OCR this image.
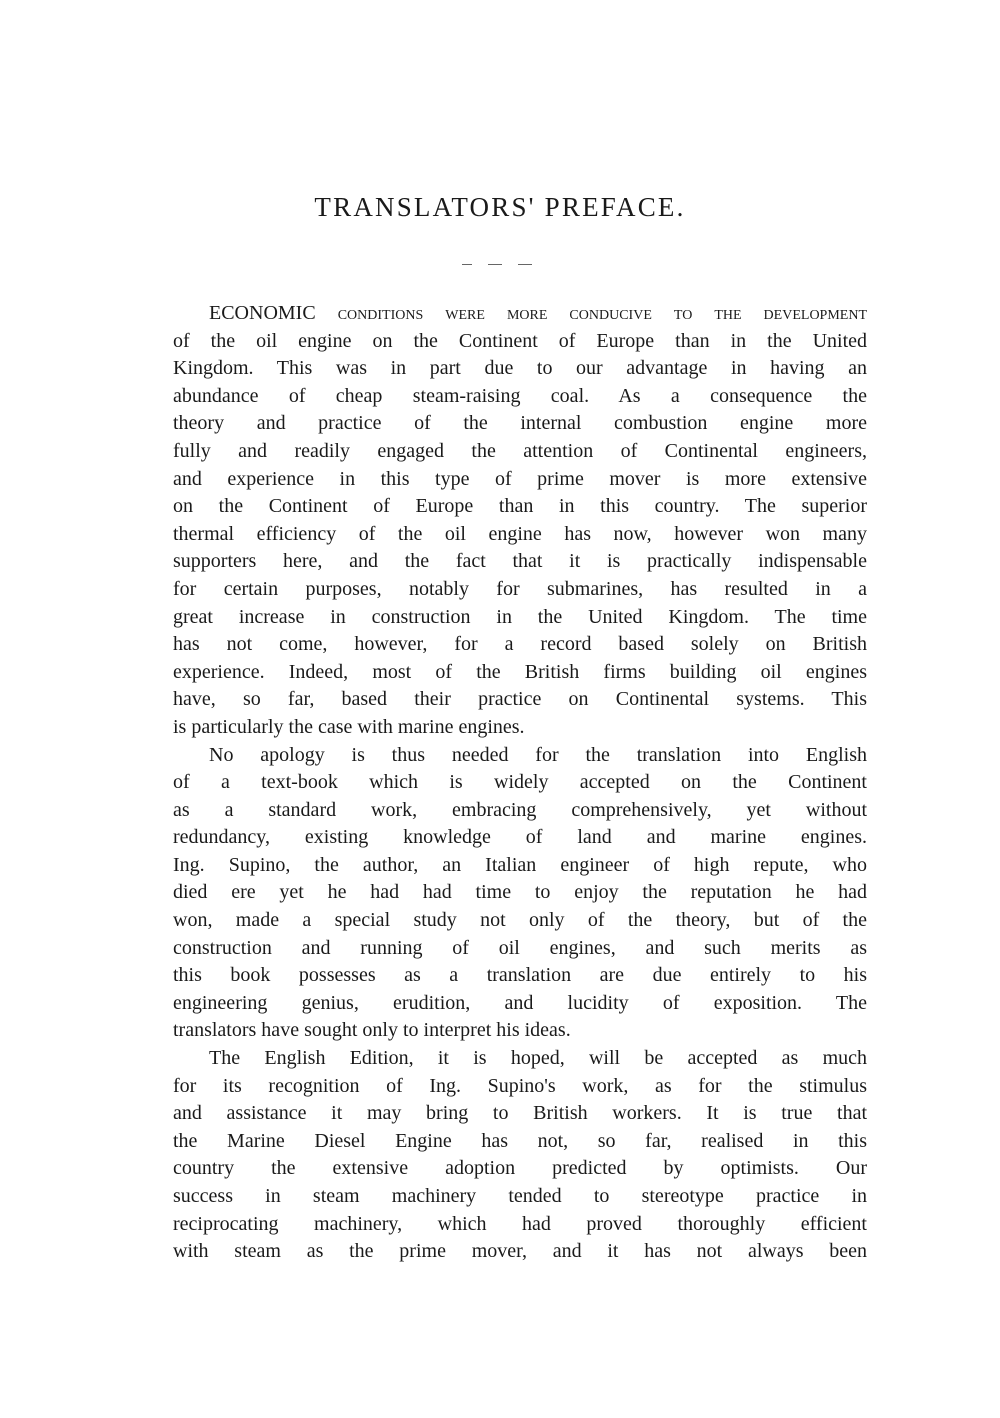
TRANSLATORS' PREFACE.
ECONOMIC conditions were more conducive to the development
of the oil engine on the Continent of Europe than in the United
Kingdom. This was in part due to our advantage in having an
abundance of cheap steam-raising coal. As a consequence the
theory and practice of the internal combustion engine more
fully and readily engaged the attention of Continental engineers,
and experience in this type of prime mover is more extensive
on the Continent of Europe than in this country. The superior
thermal efficiency of the oil engine has now, however won many
supporters here, and the fact that it is practically indispensable
for certain purposes, notably for submarines, has resulted in a
great increase in construction in the United Kingdom. The time
has not come, however, for a record based solely on British
experience. Indeed, most of the British firms building oil engines
have, so far, based their practice on Continental systems. This
is particularly the case with marine engines.
No apology is thus needed for the translation into English
of a text-book which is widely accepted on the Continent
as a standard work, embracing comprehensively, yet without
redundancy, existing knowledge of land and marine engines.
Ing. Supino, the author, an Italian engineer of high repute, who
died ere yet he had had time to enjoy the reputation he had
won, made a special study not only of the theory, but of the
construction and running of oil engines, and such merits as
this book possesses as a translation are due entirely to his
engineering genius, erudition, and lucidity of exposition. The
translators have sought only to interpret his ideas.
The English Edition, it is hoped, will be accepted as much
for its recognition of Ing. Supino's work, as for the stimulus
and assistance it may bring to British workers. It is true that
the Marine Diesel Engine has not, so far, realised in this
country the extensive adoption predicted by optimists. Our
success in steam machinery tended to stereotype practice in
reciprocating machinery, which had proved thoroughly efficient
with steam as the prime mover, and it has not always been
